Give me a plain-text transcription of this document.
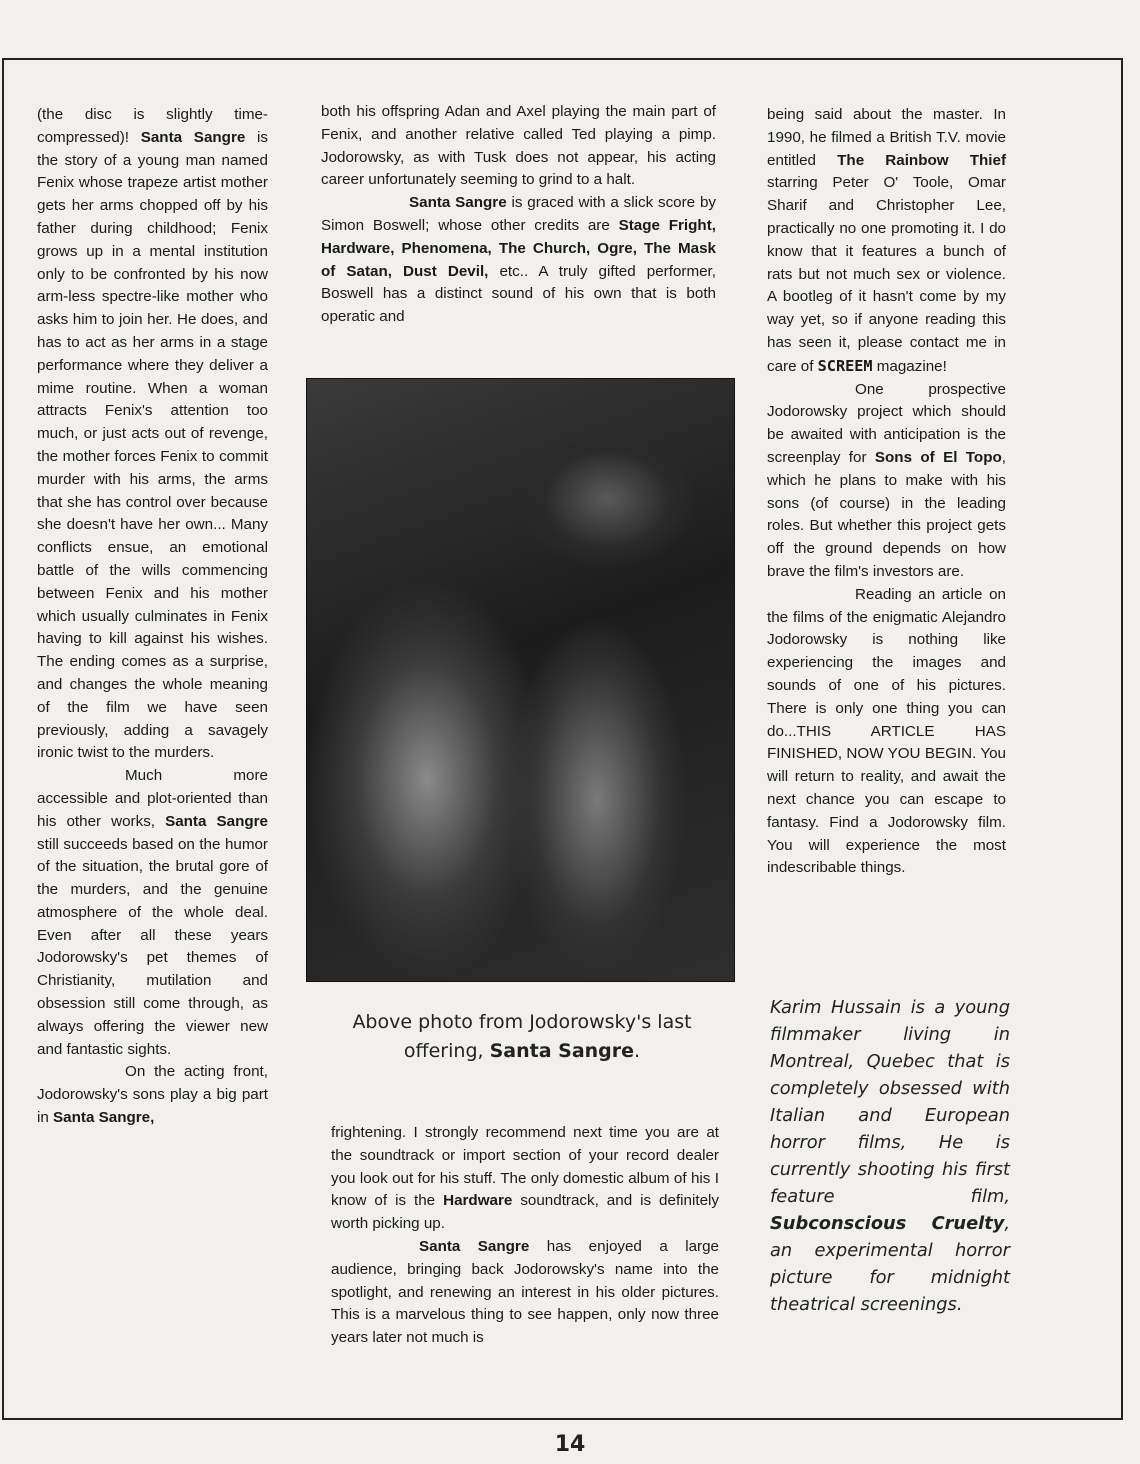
(the disc is slightly time-compressed)! Santa Sangre is the story of a young man named Fenix whose trapeze artist mother gets her arms chopped off by his father during childhood; Fenix grows up in a mental institution only to be confronted by his now arm-less spectre-like mother who asks him to join her. He does, and has to act as her arms in a stage performance where they deliver a mime routine. When a woman attracts Fenix's attention too much, or just acts out of revenge, the mother forces Fenix to commit murder with his arms, the arms that she has control over because she doesn't have her own... Many conflicts ensue, an emotional battle of the wills commencing between Fenix and his mother which usually culminates in Fenix having to kill against his wishes. The ending comes as a surprise, and changes the whole meaning of the film we have seen previously, adding a savagely ironic twist to the murders.

Much more accessible and plot-oriented than his other works, Santa Sangre still succeeds based on the humor of the situation, the brutal gore of the murders, and the genuine atmosphere of the whole deal. Even after all these years Jodorowsky's pet themes of Christianity, mutilation and obsession still come through, as always offering the viewer new and fantastic sights.

On the acting front, Jodorowsky's sons play a big part in Santa Sangre,

both his offspring Adan and Axel playing the main part of Fenix, and another relative called Ted playing a pimp. Jodorowsky, as with Tusk does not appear, his acting career unfortunately seeming to grind to a halt.

Santa Sangre is graced with a slick score by Simon Boswell; whose other credits are Stage Fright, Hardware, Phenomena, The Church, Ogre, The Mask of Satan, Dust Devil, etc.. A truly gifted performer, Boswell has a distinct sound of his own that is both operatic and

Above photo from Jodorowsky's last offering, Santa Sangre.

frightening. I strongly recommend next time you are at the soundtrack or import section of your record dealer you look out for his stuff. The only domestic album of his I know of is the Hardware soundtrack, and is definitely worth picking up.

Santa Sangre has enjoyed a large audience, bringing back Jodorowsky's name into the spotlight, and renewing an interest in his older pictures. This is a marvelous thing to see happen, only now three years later not much is

being said about the master. In 1990, he filmed a British T.V. movie entitled The Rainbow Thief starring Peter O' Toole, Omar Sharif and Christopher Lee, practically no one promoting it. I do know that it features a bunch of rats but not much sex or violence. A bootleg of it hasn't come by my way yet, so if anyone reading this has seen it, please contact me in care of SCREEM magazine!

One prospective Jodorowsky project which should be awaited with anticipation is the screenplay for Sons of El Topo, which he plans to make with his sons (of course) in the leading roles. But whether this project gets off the ground depends on how brave the film's investors are.

Reading an article on the films of the enigmatic Alejandro Jodorowsky is nothing like experiencing the images and sounds of one of his pictures. There is only one thing you can do...THIS ARTICLE HAS FINISHED, NOW YOU BEGIN. You will return to reality, and await the next chance you can escape to fantasy. Find a Jodorowsky film. You will experience the most indescribable things.

Karim Hussain is a young filmmaker living in Montreal, Quebec that is completely obsessed with Italian and European horror films, He is currently shooting his first feature film, Subconscious Cruelty, an experimental horror picture for midnight theatrical screenings.
14
